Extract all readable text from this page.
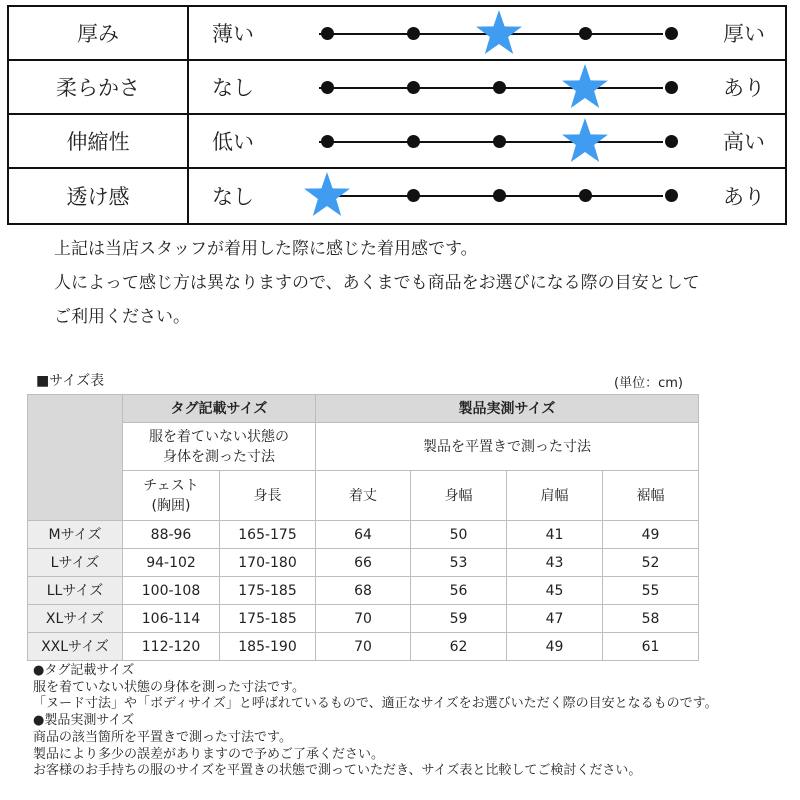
厚み	薄い	厚い
柔らかさ	なし	あり
伸縮性	低い	高い
透け感	なし	あり
上記は当店スタッフが着用した際に感じた着用感です。
人によって感じ方は異なりますので、あくまでも商品をお選びになる際の目安として
ご利用ください。
■サイズ表	(単位：cm)
	タグ記載サイズ		製品実測サイズ			

	服を着ていない状態の
身体を測った寸法		製品を平置きで測った寸法			

	チェスト
(胸囲)	身長	着丈	身幅	肩幅	裾幅
Mサイズ	88-96	165-175	64	50	41	49
Lサイズ	94-102	170-180	66	53	43	52
LLサイズ	100-108	175-185	68	56	45	55
XLサイズ	106-114	175-185	70	59	47	58
XXLサイズ	112-120	185-190	70	62	49	61
●タグ記載サイズ
服を着ていない状態の身体を測った寸法です。
「ヌード寸法」や「ボディサイズ」と呼ばれているもので、適正なサイズをお選びいただく際の目安となるものです。
●製品実測サイズ
商品の該当箇所を平置きで測った寸法です。
製品により多少の誤差がありますので予めご了承ください。
お客様のお手持ちの服のサイズを平置きの状態で測っていただき、サイズ表と比較してご検討ください。
